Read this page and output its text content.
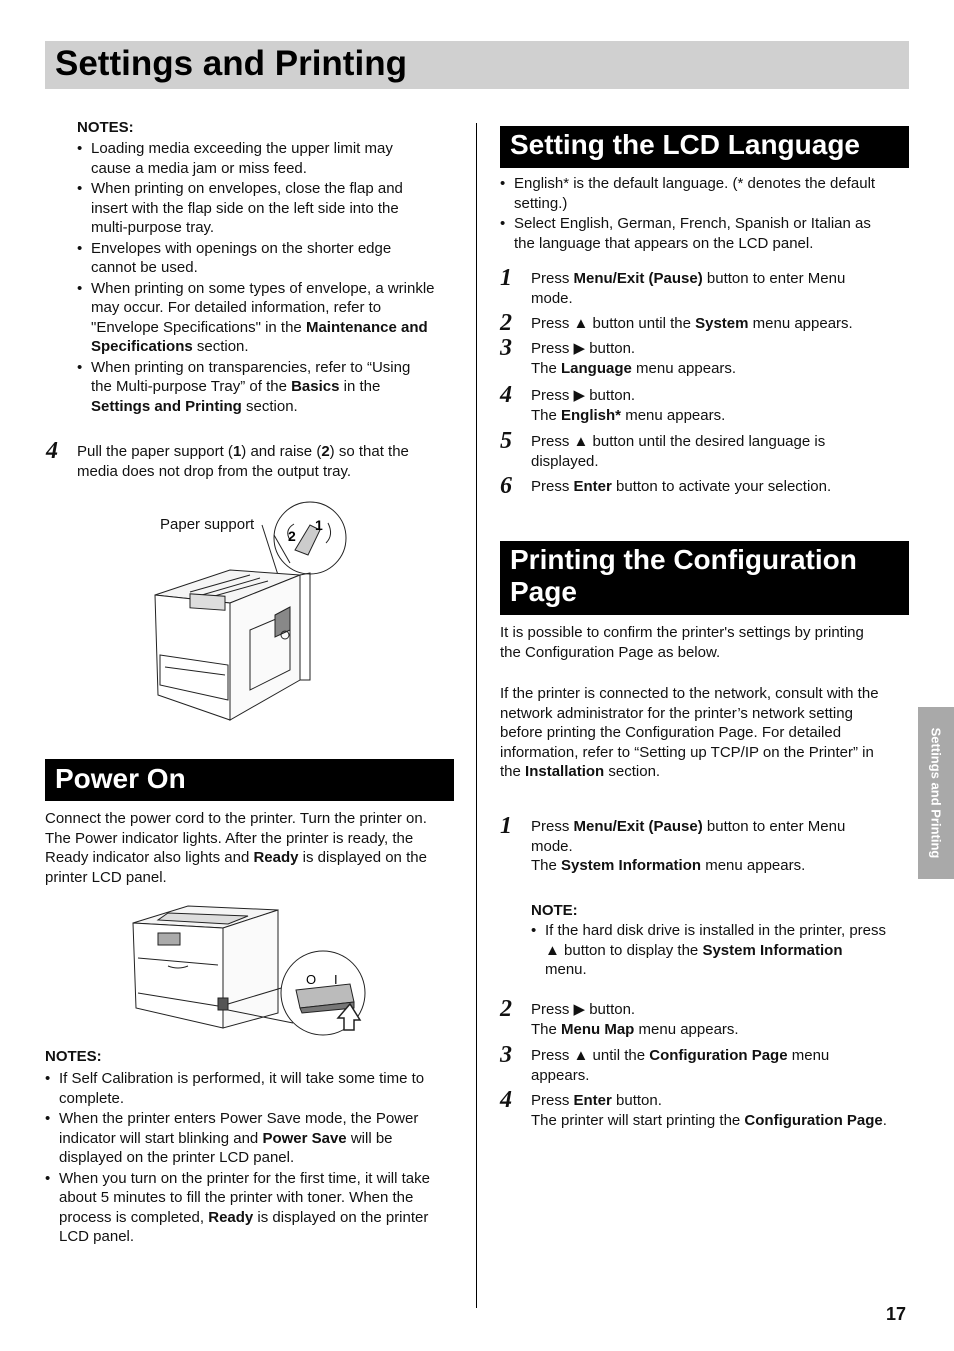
Settings and Printing
NOTES:
• Loading media exceeding the upper limit may
cause a media jam or miss feed.
• When printing on envelopes, close the flap and
insert with the flap side on the left side into the
multi-purpose tray.
• Envelopes with openings on the shorter edge
cannot be used.
• When printing on some types of envelope, a wrinkle
may occur. For detailed information, refer to
"Envelope Specifications" in the Maintenance and
Specifications section.
• When printing on transparencies, refer to “Using
the Multi-purpose Tray” of the Basics in the
Settings and Printing section.
4 Pull the paper support (1) and raise (2) so that the
media does not drop from the output tray.
Paper support	1
2
Power On
Connect the power cord to the printer. Turn the printer on.
The Power indicator lights. After the printer is ready, the
Ready indicator also lights and Ready is displayed on the
printer LCD panel.
O I
NOTES:
• If Self Calibration is performed, it will take some time to
complete.
• When the printer enters Power Save mode, the Power
indicator will start blinking and Power Save will be
displayed on the printer LCD panel.
• When you turn on the printer for the first time, it will take
about 5 minutes to fill the printer with toner. When the
process is completed, Ready is displayed on the printer
LCD panel.
Setting the LCD Language
• English* is the default language. (* denotes the default
setting.)
• Select English, German, French, Spanish or Italian as
the language that appears on the LCD panel.
1 Press Menu/Exit (Pause) button to enter Menu
mode.
2 Press ▲ button until the System menu appears.
3 Press ▶ button.
The Language menu appears.
4 Press ▶ button.
The English* menu appears.
5 Press ▲ button until the desired language is
displayed.
6 Press Enter button to activate your selection.
Printing the Configuration
Page
It is possible to confirm the printer's settings by printing
the Configuration Page as below.
If the printer is connected to the network, consult with the
network administrator for the printer’s network setting
before printing the Configuration Page. For detailed
information, refer to “Setting up TCP/IP on the Printer” in
the Installation section.
1 Press Menu/Exit (Pause) button to enter Menu
mode.
The System Information menu appears.
NOTE:
• If the hard disk drive is installed in the printer, press
▲ button to display the System Information
menu.
2 Press ▶ button.
The Menu Map menu appears.
3 Press ▲ until the Configuration Page menu
appears.
4 Press Enter button.
The printer will start printing the Configuration Page.
Settings and Printing
17
